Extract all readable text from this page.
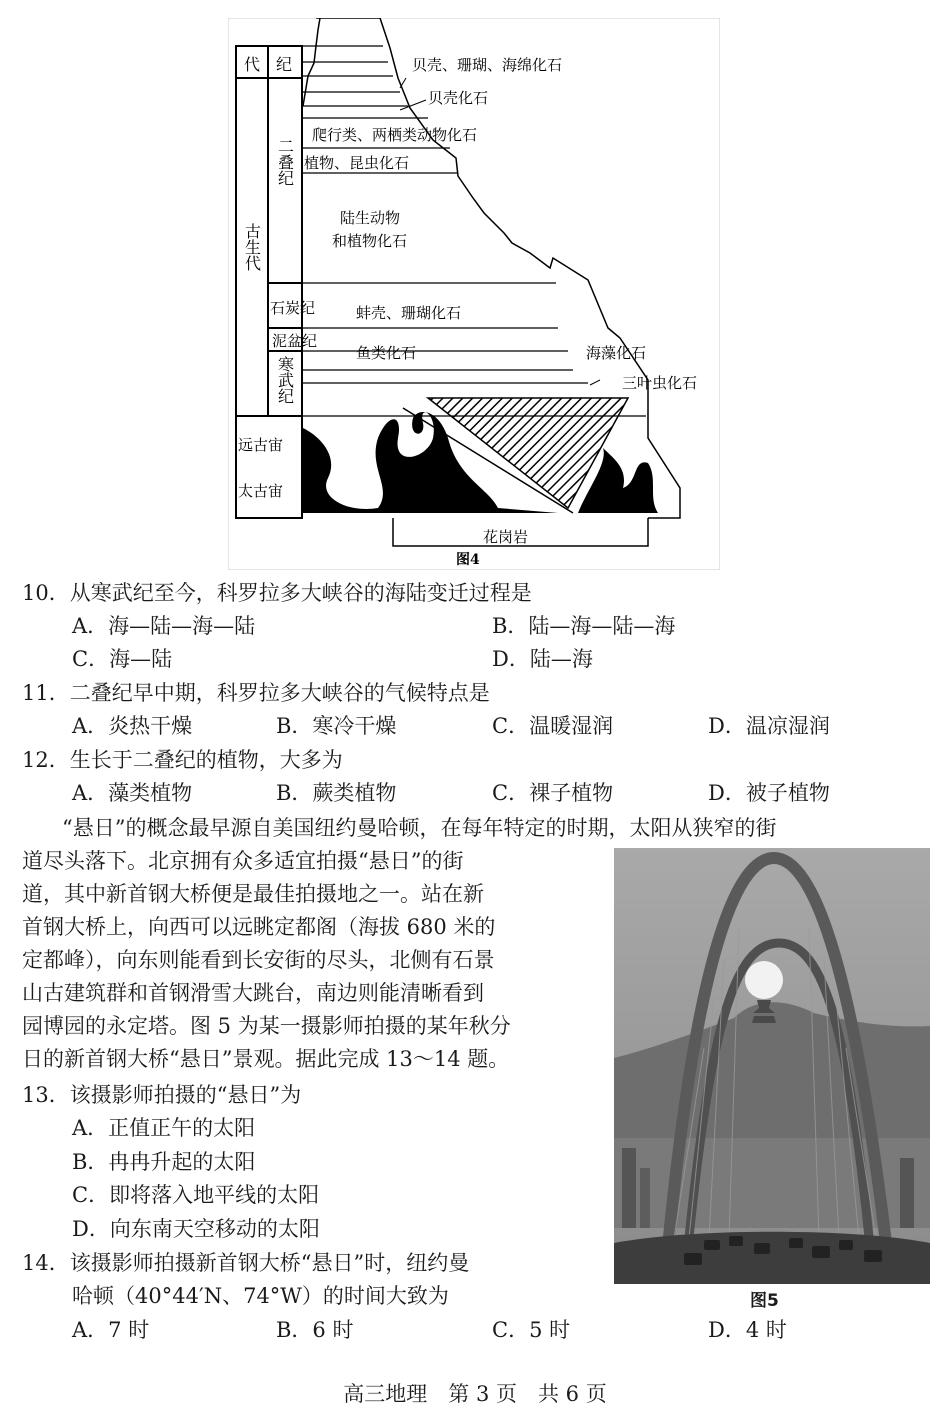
代 纪
古生代
二叠纪
石炭纪
泥盆纪
寒武纪
远古宙
太古宙
贝壳、珊瑚、海绵化石
贝壳化石
爬行类、两栖类动物化石
植物、昆虫化石
陆生动物
和植物化石
蚌壳、珊瑚化石
鱼类化石	海藻化石
三叶虫化石
花岗岩
图4
10．从寒武纪至今，科罗拉多大峡谷的海陆变迁过程是
A．海—陆—海—陆	B．陆—海—陆—海
C．海—陆	D．陆—海
11．二叠纪早中期，科罗拉多大峡谷的气候特点是
A．炎热干燥	B．寒冷干燥	C．温暖湿润	D．温凉湿润
12．生长于二叠纪的植物，大多为
A．藻类植物	B．蕨类植物	C．裸子植物	D．被子植物
“悬日”的概念最早源自美国纽约曼哈顿，在每年特定的时期，太阳从狭窄的街
道尽头落下。北京拥有众多适宜拍摄“悬日”的街
道，其中新首钢大桥便是最佳拍摄地之一。站在新
首钢大桥上，向西可以远眺定都阁（海拔 680 米的
定都峰），向东则能看到长安街的尽头，北侧有石景
山古建筑群和首钢滑雪大跳台，南边则能清晰看到
园博园的永定塔。图 5 为某一摄影师拍摄的某年秋分
日的新首钢大桥“悬日”景观。据此完成 13～14 题。
13．该摄影师拍摄的“悬日”为
A．正值正午的太阳
B．冉冉升起的太阳
C．即将落入地平线的太阳
D．向东南天空移动的太阳
14．该摄影师拍摄新首钢大桥“悬日”时，纽约曼
哈顿（40°44′N、74°W）的时间大致为
A．7 时	B．6 时	C．5 时	D．4 时
图5
高三地理　第 3 页　共 6 页
